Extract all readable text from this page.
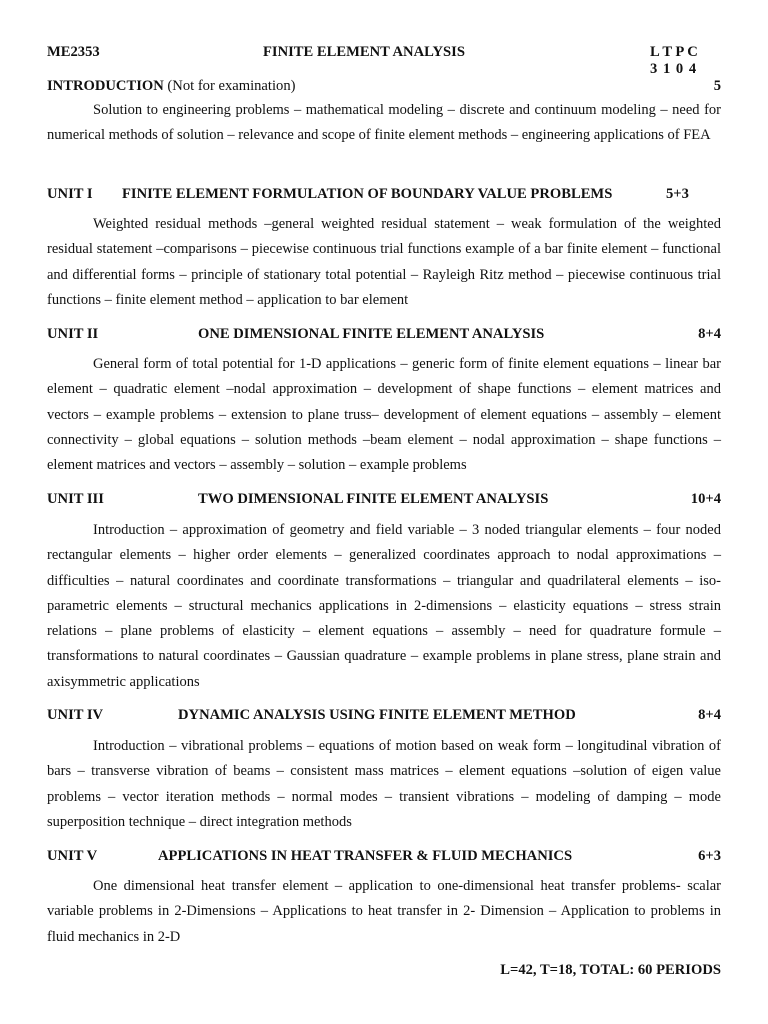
ME2353	FINITE ELEMENT ANALYSIS	L T P C
3 1 0 4
INTRODUCTION (Not for examination)	5
Solution to engineering problems – mathematical modeling – discrete and continuum modeling – need for numerical methods of solution – relevance and scope of finite element methods – engineering applications of FEA
UNIT I FINITE ELEMENT FORMULATION OF BOUNDARY VALUE PROBLEMS	5+3
Weighted residual methods –general weighted residual statement – weak formulation of the weighted residual statement –comparisons – piecewise continuous trial functions example of a bar finite element – functional and differential forms – principle of stationary total potential – Rayleigh Ritz method – piecewise continuous trial functions – finite element method – application to bar element
UNIT II	ONE DIMENSIONAL FINITE ELEMENT ANALYSIS	8+4
General form of total potential for 1-D applications – generic form of finite element equations – linear bar element – quadratic element –nodal approximation – development of shape functions – element matrices and vectors – example problems – extension to plane truss– development of element equations – assembly – element connectivity – global equations – solution methods –beam element – nodal approximation – shape functions – element matrices and vectors – assembly – solution – example problems
UNIT III	TWO DIMENSIONAL FINITE ELEMENT ANALYSIS	10+4
Introduction – approximation of geometry and field variable – 3 noded triangular elements – four noded rectangular elements – higher order elements – generalized coordinates approach to nodal approximations – difficulties – natural coordinates and coordinate transformations – triangular and quadrilateral elements – iso-parametric elements – structural mechanics applications in 2-dimensions – elasticity equations – stress strain relations – plane problems of elasticity – element equations – assembly – need for quadrature formule – transformations to natural coordinates – Gaussian quadrature – example problems in plane stress, plane strain and axisymmetric applications
UNIT IV	DYNAMIC ANALYSIS USING FINITE ELEMENT METHOD	8+4
Introduction – vibrational problems – equations of motion based on weak form – longitudinal vibration of bars – transverse vibration of beams – consistent mass matrices – element equations –solution of eigen value problems – vector iteration methods – normal modes – transient vibrations – modeling of damping – mode superposition technique – direct integration methods
UNIT V	APPLICATIONS IN HEAT TRANSFER & FLUID MECHANICS	6+3
One dimensional heat transfer element – application to one-dimensional heat transfer problems- scalar variable problems in 2-Dimensions – Applications to heat transfer in 2- Dimension – Application to problems in fluid mechanics in 2-D
L=42, T=18, TOTAL: 60 PERIODS
